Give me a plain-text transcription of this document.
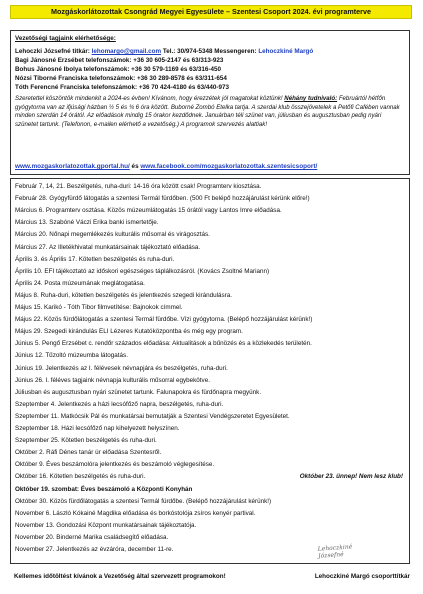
Mozgáskorlátozottak Csongrád Megyei Egyesülete – Szentesi Csoport 2024. évi programterve
Vezetőségi tagjaink elérhetősége:
Lehoczki Józsefné titkár: lehomargo@gmail.com Tel.: 30/974-5348 Messengeren: Lehoczkiné Margó
Bagi Jánosné Erzsébet telefonszámok: +36 30 605-2147 és 63/313-923
Bohus Jánosné Ibolya telefonszámok: +36 30 579-1169 és 63/316-450
Nózsi Tiborné Franciska telefonszámok: +36 30 289-8578 és 63/311-654
Tóth Ferencné Franciska telefonszámok: +36 70 424-4180 és 63/440-973
Szeretettel köszöntök mindenkit a 2024-es évben! Kívánom, hogy érezzétek jól magatokat köztünk! Néhány tudnivaló: Februártól hétfőn gyógytorna van az ifjúsági házban ½ 5 és ¾ 6 óra között. Buborné Zombó Etelka tartja. A szerdai klub összejövetelek a Petőfi Cafében vannak minden szerdán 14 órától. Az előadások mindig 15 órakor kezdődnek. Januárban téli szünet van, júliusban és augusztusban pedig nyári szünetet tartunk. (Telefonon, e-mailen elérhető a vezetőség.) A programok szervezés alattiak!
www.mozgaskorlatozottak.gportal.hu/ és www.facebook.com/mozgaskorlatozottak.szentesicsoport/
Február 7, 14, 21. Beszélgetés, ruha-duri: 14-16 óra között csak! Programterv kiosztása.
Február 28. Gyógyfürdő látogatás a szentesi Termál fürdőben. (500 Ft belépő hozzájárulást kérünk előre!)
Március 6. Programterv osztása. Közös múzeumlátogatás 15 órától vagy Lantos Imre előadása.
Március 13. Szabóné Váczi Erika banki ismertetője.
Március 20. Nőnapi megemlékezés kulturális műsorral és virágosztás.
Március 27. Az Illetékhivatal munkatársainak tájékoztató előadása.
Április 3. és Április 17. Kötetlen beszélgetés és ruha-duri.
Április 10. EFI tájékoztató az időskori egészséges táplálkozásról. (Kovács Zsoltné Mariann)
Április 24. Posta múzeumának meglátogatása.
Május 8. Ruha-duri, kötetlen beszélgetés és jelentkezés szegedi kirándulásra.
Május 15. Karikó - Tóth Tibor filmvetítése: Bajnokok címmel.
Május 22. Közös fürdőlátogatás a szentesi Termál fürdőbe. Vízi gyógytorna. (Belépő hozzájárulást kérünk!)
Május 29. Szegedi kirándulás ELI Lézeres Kutatóközpontba és még egy program.
Június 5. Pengő Erzsébet c. rendőr százados előadása: Aktualitások a bűnözés és a közlekedés területén.
Június 12. Tűzoltó múzeumba látogatás.
Június 19. Jelentkezés az I. félévesek névnapjára és beszélgetés, ruha-duri.
Június 26. I. féléves tagjaink névnapja kulturális műsorral egybekötve.
Júliusban és augusztusban nyári szünetet tartunk. Falunapokra és fürdőnapra megyünk.
Szeptember 4. Jelentkezés a házi lecsófőző napra, beszélgetés, ruha-duri.
Szeptember 11. Matkócsik Pál és munkatársai bemutatják a Szentesi Vendégszeretet Egyesületet.
Szeptember 18. Házi lecsófőző nap kihelyezett helyszínen.
Szeptember 25. Kötetlen beszélgetés és ruha-duri.
Október 2. Ráfi Dénes tanár úr előadása Szentesről.
Október 9. Éves beszámolóra jelentkezés és beszámoló véglegesítése.
Október 16. Kötetlen beszélgetés és ruha-duri.	Október 23. ünnep! Nem lesz klub!
Október 19. szombat: Éves beszámoló a Központi Konyhán
Október 30. Közös fürdőlátogatás a szentesi Termál fürdőbe. (Belépő hozzájárulást kérünk!)
November 6. László Kókainé Magdika előadása és borkóstolója zsíros kenyér partival.
November 13. Gondozási Központ munkatársainak tájékoztatója.
November 20. Binderné Marika családsegítő előadása.
November 27. Jelentkezés az évzáróra, december 11-re.	Lehoczkiné Józsefné
Kellemes időtöltést kívánok a Vezetőség által szervezett programokon!	Lehoczkiné Margó csoporttitkár
